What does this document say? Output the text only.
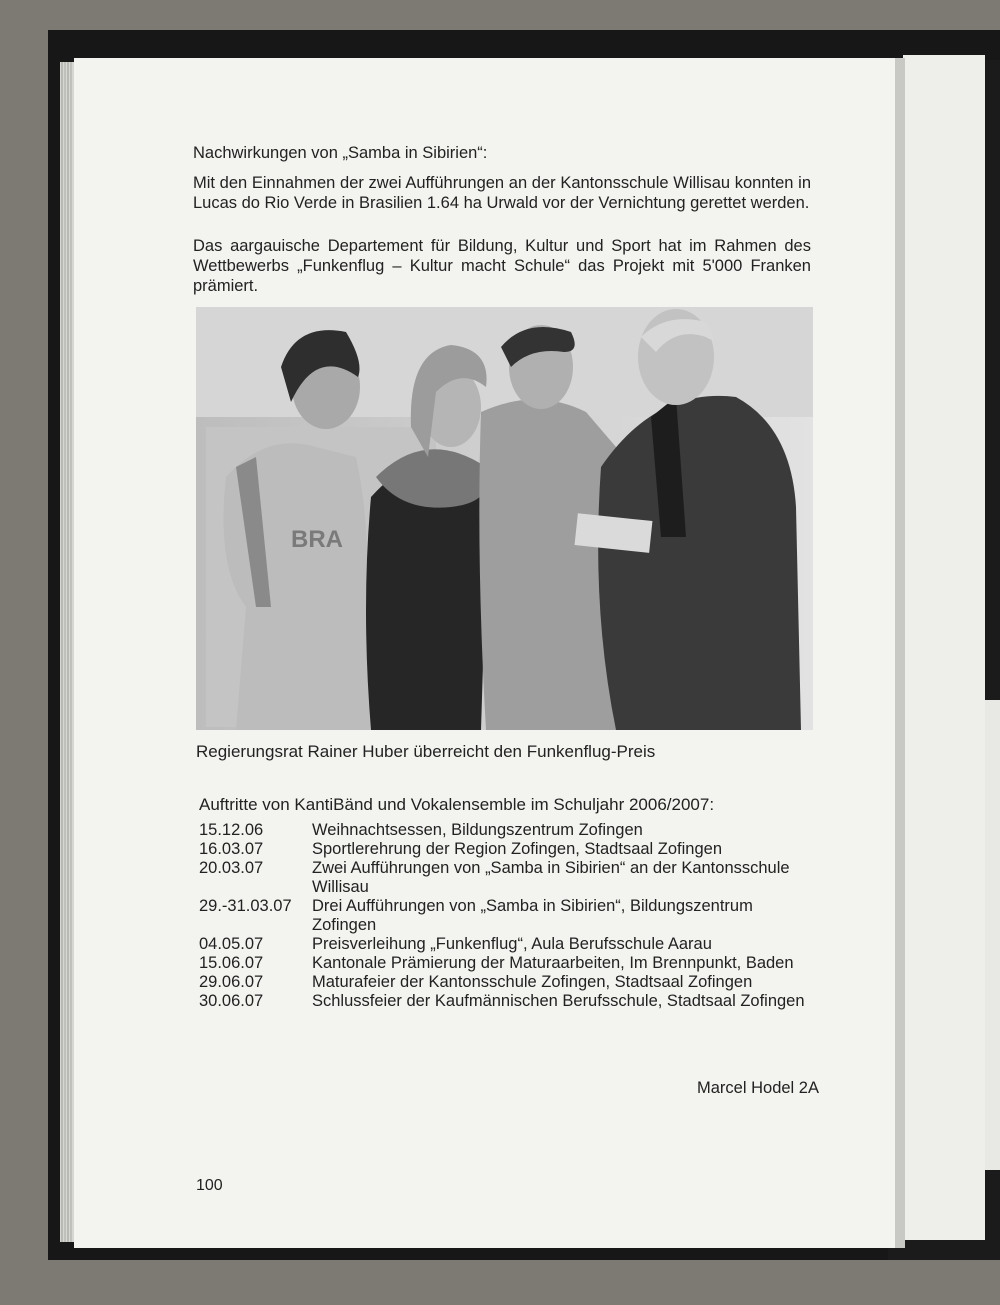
Nachwirkungen von „Samba in Sibirien“:
Mit den Einnahmen der zwei Aufführungen an der Kantonsschule Willisau konnten in Lucas do Rio Verde in Brasilien 1.64 ha Urwald vor der Vernichtung gerettet werden.
Das aargauische Departement für Bildung, Kultur und Sport hat im Rahmen des Wettbewerbs „Funkenflug – Kultur macht Schule“ das Projekt mit 5'000 Franken prämiert.
BRA
Regierungsrat Rainer Huber überreicht den Funkenflug-Preis
Auftritte von KantiBänd und Vokalensemble im Schuljahr 2006/2007:
15.12.06	Weihnachtsessen, Bildungszentrum Zofingen
16.03.07	Sportlerehrung der Region Zofingen, Stadtsaal Zofingen
20.03.07	Zwei Aufführungen von „Samba in Sibirien“ an der Kantonsschule Willisau
29.-31.03.07	Drei Aufführungen von „Samba in Sibirien“, Bildungszentrum Zofingen
04.05.07	Preisverleihung „Funkenflug“, Aula Berufsschule Aarau
15.06.07	Kantonale Prämierung der Maturaarbeiten, Im Brennpunkt, Baden
29.06.07	Maturafeier der Kantonsschule Zofingen, Stadtsaal Zofingen
30.06.07	Schlussfeier der Kaufmännischen Berufsschule, Stadtsaal Zofingen
Marcel Hodel 2A
100
